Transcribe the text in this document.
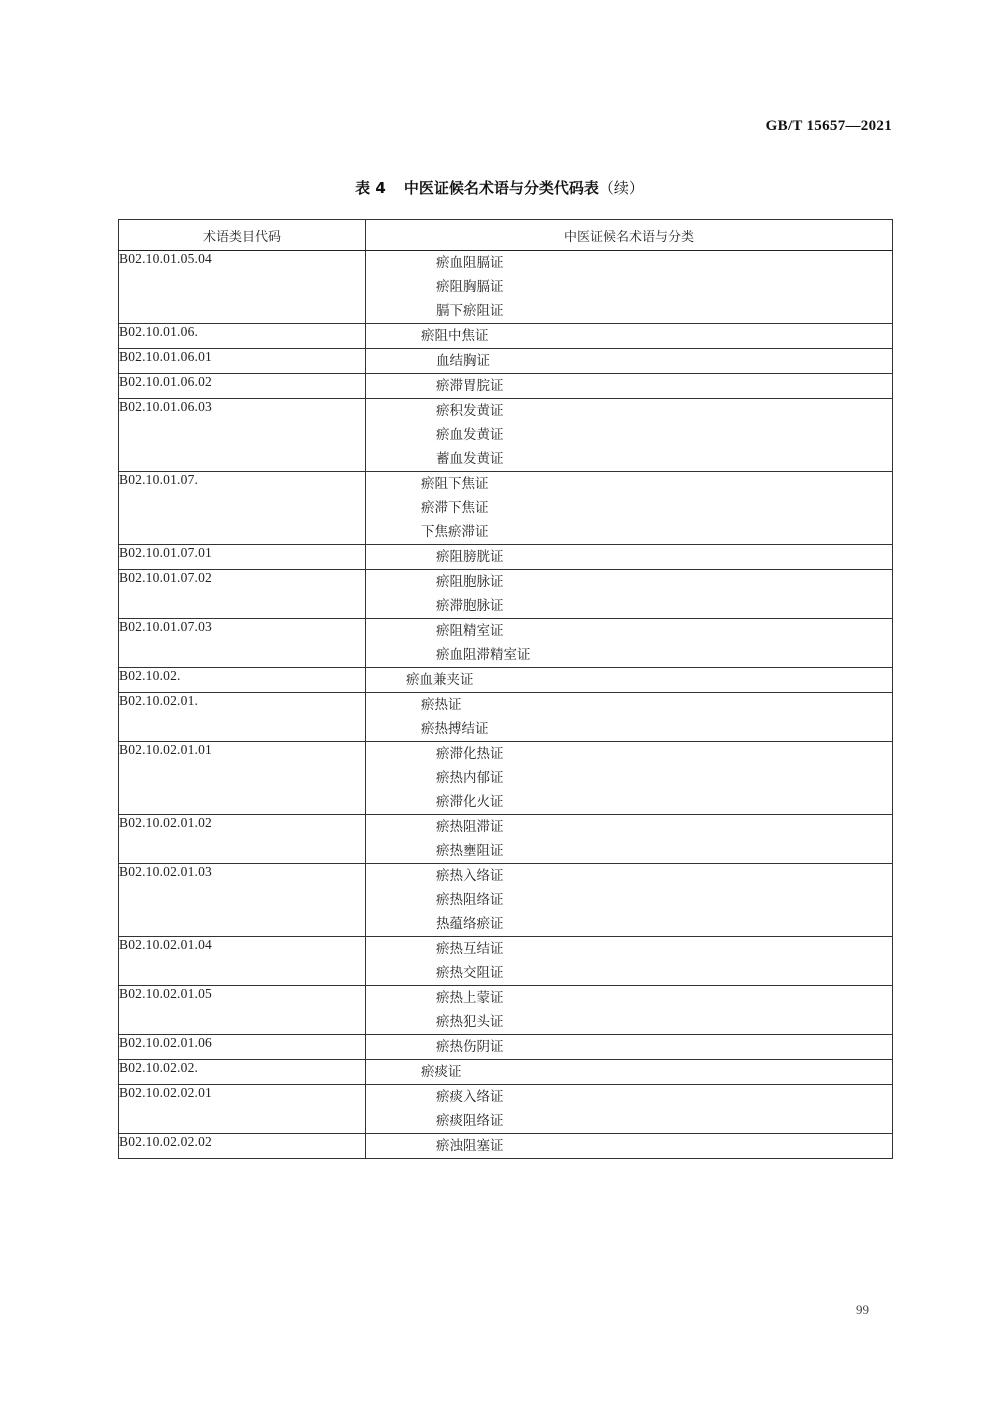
GB/T 15657—2021
表 4 中医证候名术语与分类代码表（续）
术语类目代码	中医证候名术语与分类
B02.10.01.05.04	瘀血阻膈证
瘀阻胸膈证
膈下瘀阻证

B02.10.01.06.	瘀阻中焦证

B02.10.01.06.01	血结胸证

B02.10.01.06.02	瘀滞胃脘证

B02.10.01.06.03	瘀积发黄证
瘀血发黄证
蓄血发黄证

B02.10.01.07.	瘀阻下焦证
瘀滞下焦证
下焦瘀滞证

B02.10.01.07.01	瘀阻膀胱证

B02.10.01.07.02	瘀阻胞脉证
瘀滞胞脉证

B02.10.01.07.03	瘀阻精室证
瘀血阻滞精室证

B02.10.02.	瘀血兼夹证

B02.10.02.01.	瘀热证
瘀热搏结证

B02.10.02.01.01	瘀滞化热证
瘀热内郁证
瘀滞化火证

B02.10.02.01.02	瘀热阻滞证
瘀热壅阻证

B02.10.02.01.03	瘀热入络证
瘀热阻络证
热蕴络瘀证

B02.10.02.01.04	瘀热互结证
瘀热交阻证

B02.10.02.01.05	瘀热上蒙证
瘀热犯头证

B02.10.02.01.06	瘀热伤阴证

B02.10.02.02.	瘀痰证

B02.10.02.02.01	瘀痰入络证
瘀痰阻络证

B02.10.02.02.02	瘀浊阻塞证
99
